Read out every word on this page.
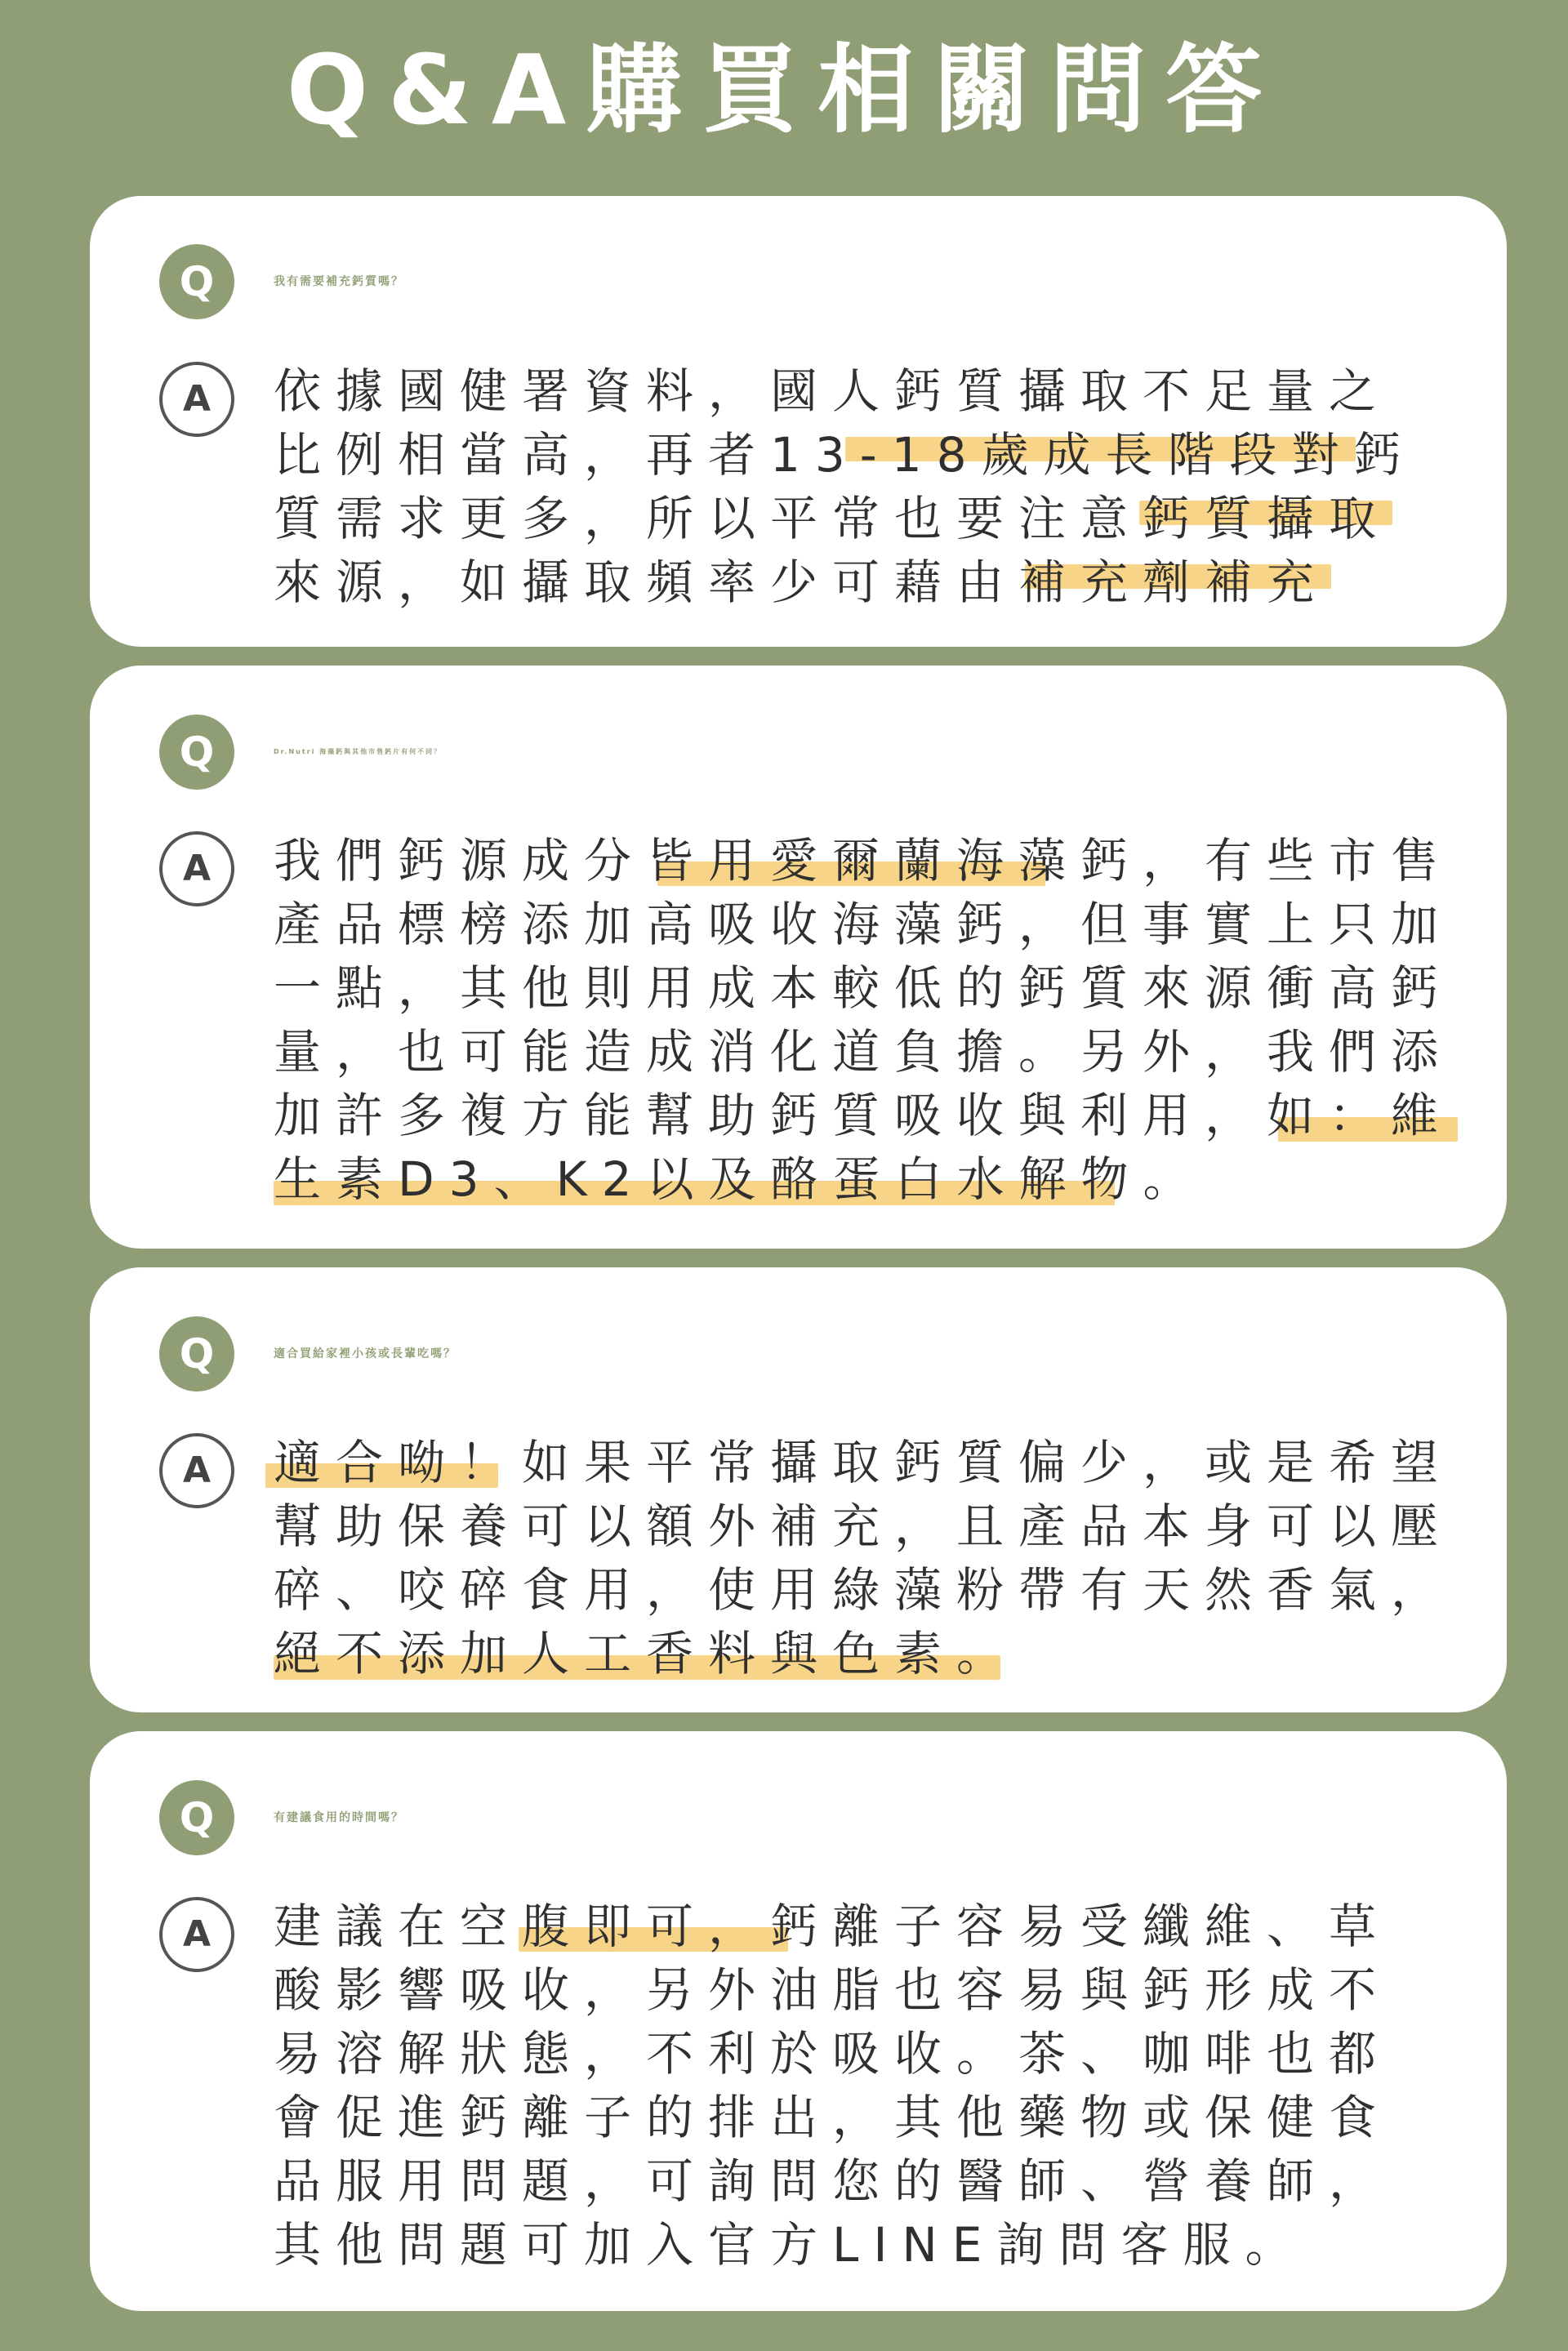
Q&A購買相關問答
Q	我有需要補充鈣質嗎？
A	依據國健署資料，國人鈣質攝取不足量之
比例相當高，再者13-18歲成長階段對鈣
質需求更多，所以平常也要注意鈣質攝取
來源，如攝取頻率少可藉由補充劑補充
Q	Dr.Nutri 海藻鈣與其他市售鈣片有何不同？
A	我們鈣源成分皆用愛爾蘭海藻鈣，有些市售
產品標榜添加高吸收海藻鈣，但事實上只加
一點，其他則用成本較低的鈣質來源衝高鈣
量，也可能造成消化道負擔。另外，我們添
加許多複方能幫助鈣質吸收與利用，如：維
生素D3、K2以及酪蛋白水解物。
Q	適合買給家裡小孩或長輩吃嗎？
A	適合呦！如果平常攝取鈣質偏少，或是希望
幫助保養可以額外補充，且產品本身可以壓
碎、咬碎食用，使用綠藻粉帶有天然香氣，
絕不添加人工香料與色素。
Q	有建議食用的時間嗎？
A	建議在空腹即可，鈣離子容易受纖維、草
酸影響吸收，另外油脂也容易與鈣形成不
易溶解狀態，不利於吸收。茶、咖啡也都
會促進鈣離子的排出，其他藥物或保健食
品服用問題，可詢問您的醫師、營養師，
其他問題可加入官方LINE詢問客服。
